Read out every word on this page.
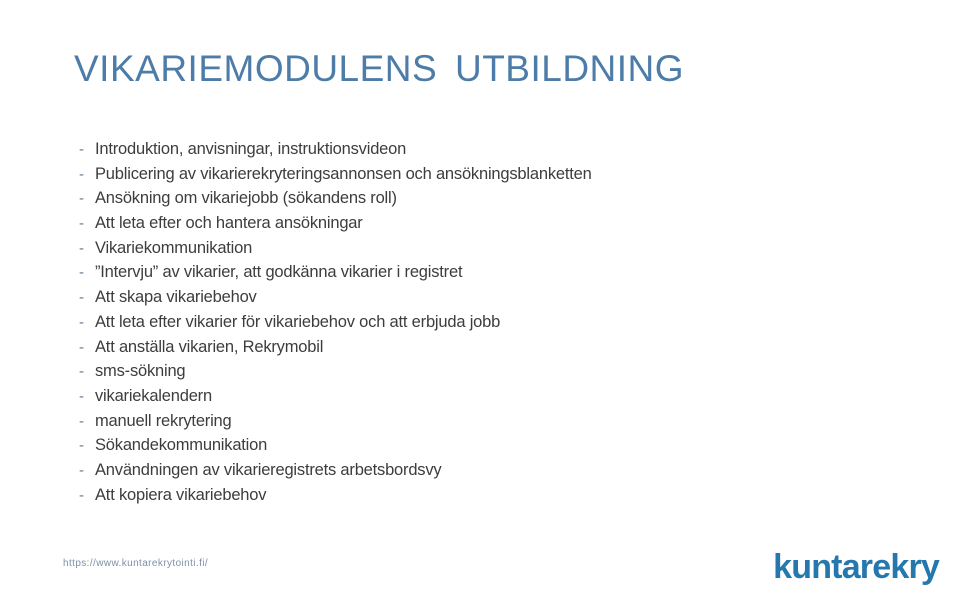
VIKARIEMODULENS UTBILDNING
- Introduktion, anvisningar, instruktionsvideon
- Publicering av vikarierekryteringsannonsen och ansökningsblanketten
- Ansökning om vikariejobb (sökandens roll)
- Att leta efter och hantera ansökningar
- Vikariekommunikation
- ”Intervju” av vikarier, att godkänna vikarier i registret
- Att skapa vikariebehov
- Att leta efter vikarier för vikariebehov och att erbjuda jobb
- Att anställa vikarien, Rekrymobil
- sms-sökning
- vikariekalendern
- manuell rekrytering
- Sökandekommunikation
- Användningen av vikarieregistrets arbetsbordsvy
- Att kopiera vikariebehov
https://www.kuntarekrytointi.fi/	kuntarekry
